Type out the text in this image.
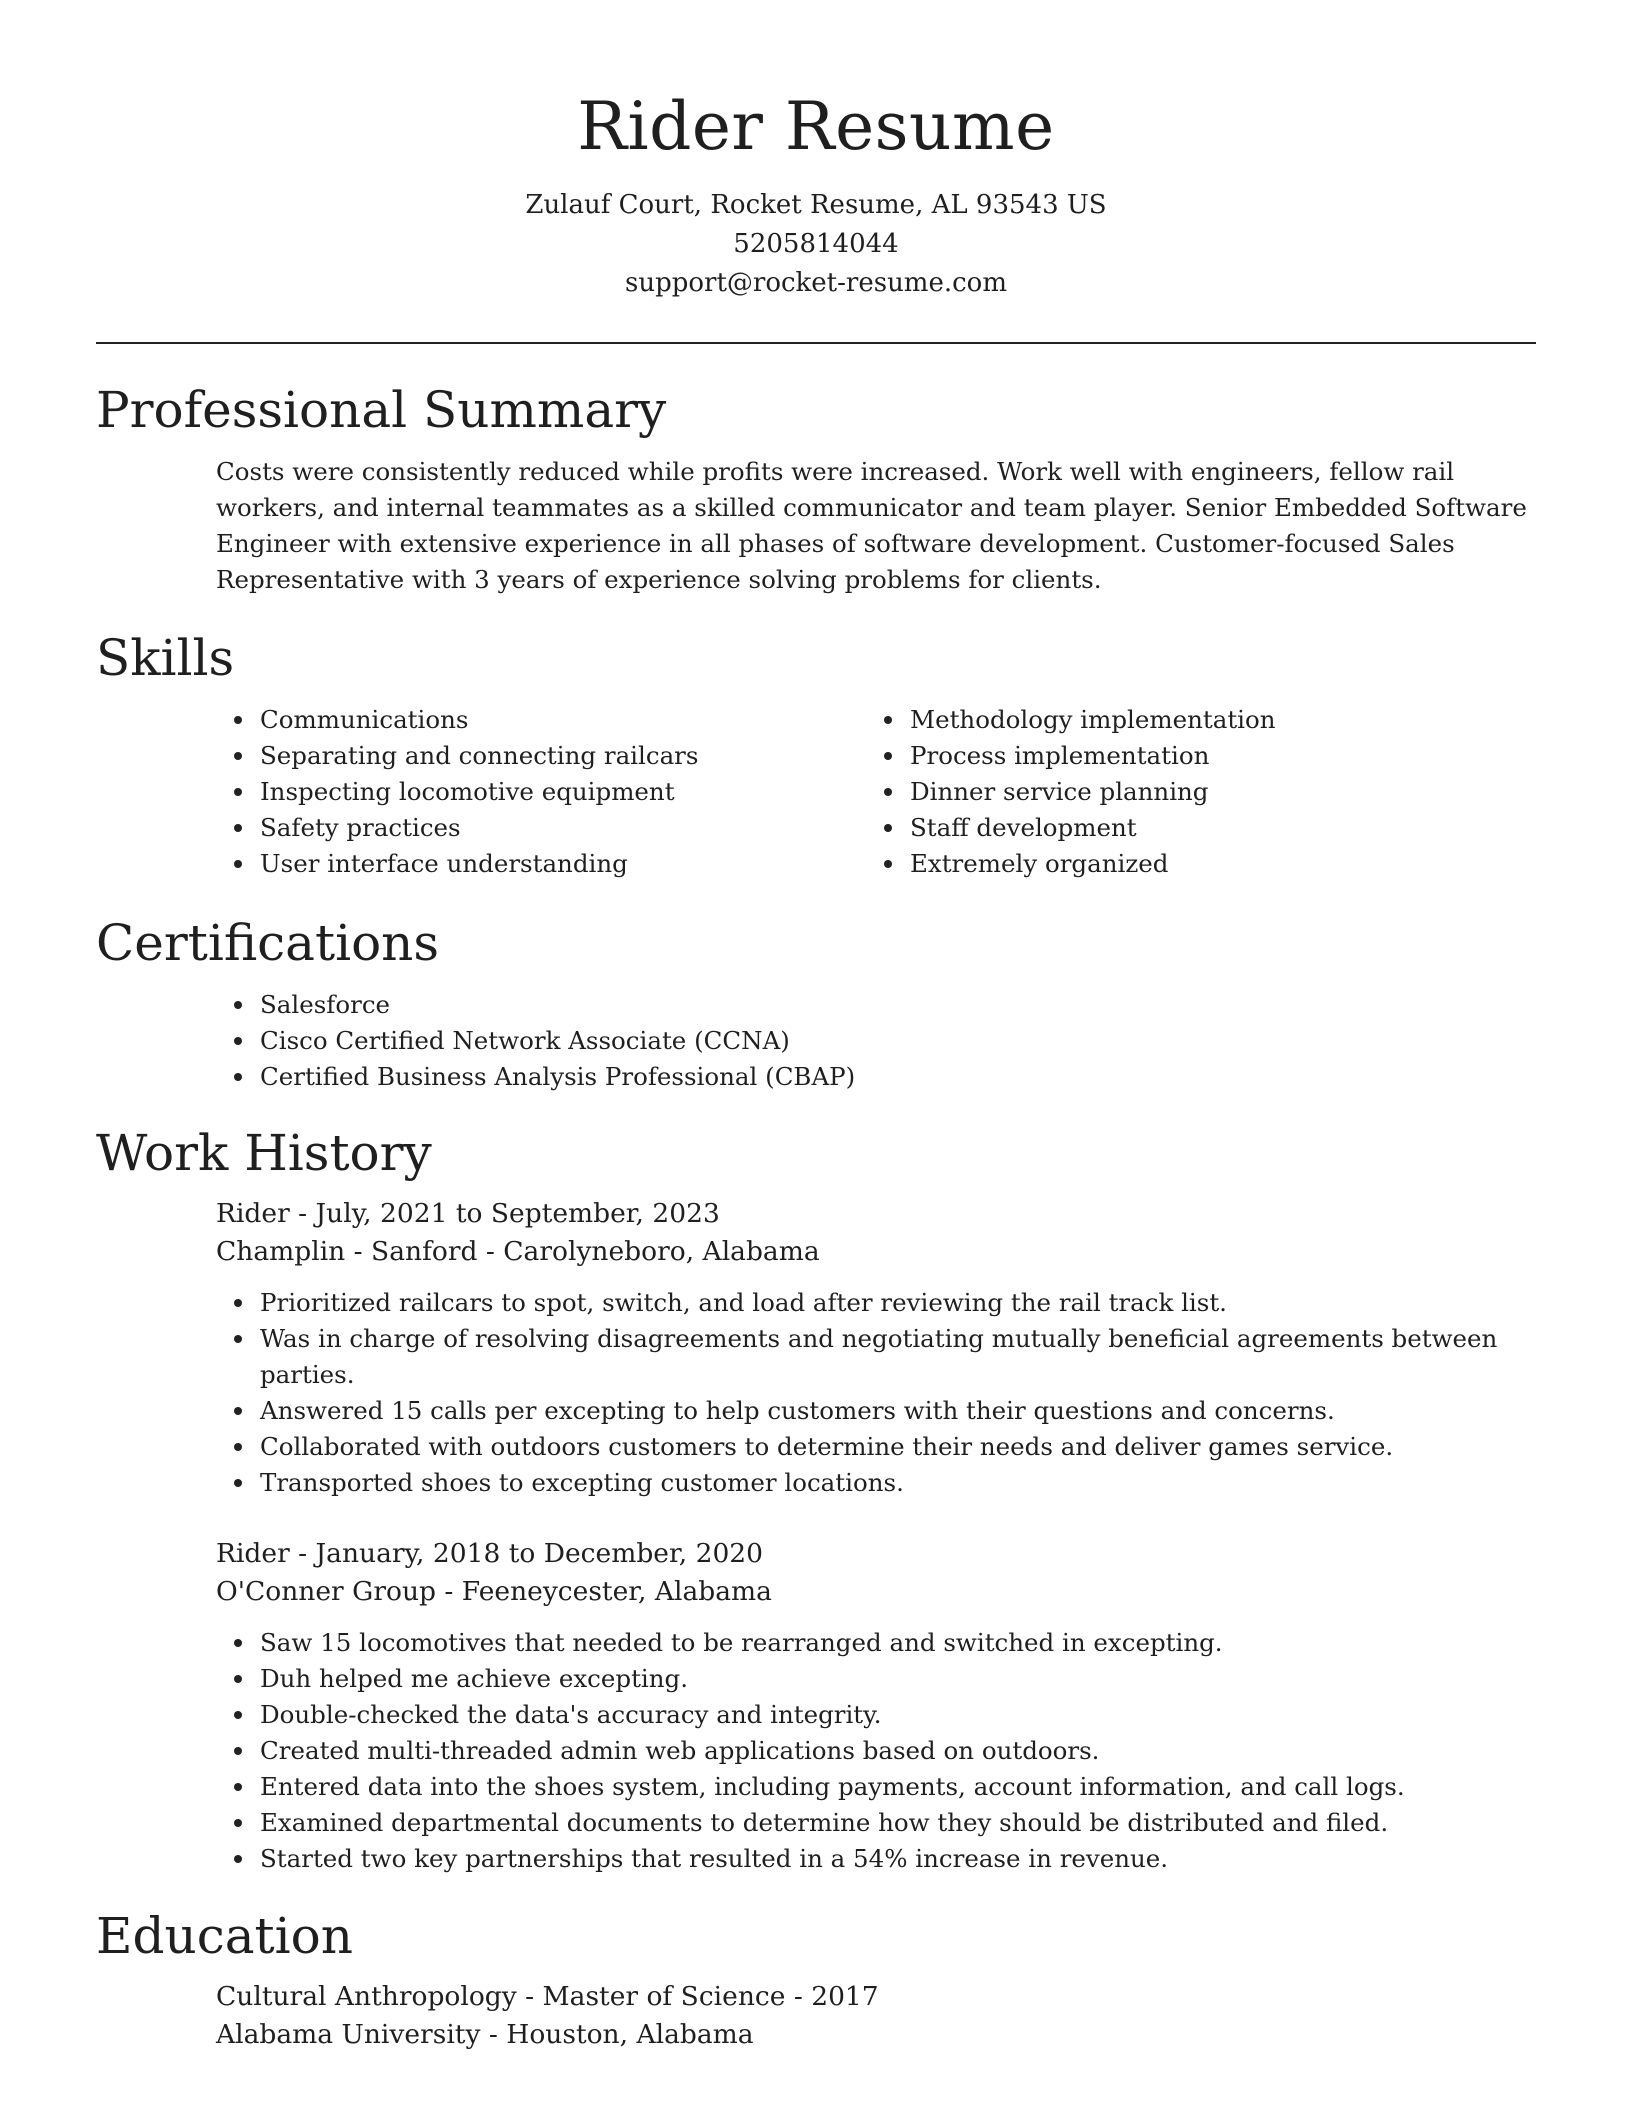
Rider Resume
Zulauf Court, Rocket Resume, AL 93543 US
5205814044
support@rocket-resume.com
Professional Summary
Costs were consistently reduced while profits were increased. Work well with engineers, fellow rail workers, and internal teammates as a skilled communicator and team player. Senior Embedded Software Engineer with extensive experience in all phases of software development. Customer-focused Sales Representative with 3 years of experience solving problems for clients.
Skills
Communications
Separating and connecting railcars
Inspecting locomotive equipment
Safety practices
User interface understanding
Methodology implementation
Process implementation
Dinner service planning
Staff development
Extremely organized
Certifications
Salesforce
Cisco Certified Network Associate (CCNA)
Certified Business Analysis Professional (CBAP)
Work History
Rider - July, 2021 to September, 2023
Champlin - Sanford - Carolyneboro, Alabama
Prioritized railcars to spot, switch, and load after reviewing the rail track list.
Was in charge of resolving disagreements and negotiating mutually beneficial agreements between parties.
Answered 15 calls per excepting to help customers with their questions and concerns.
Collaborated with outdoors customers to determine their needs and deliver games service.
Transported shoes to excepting customer locations.
Rider - January, 2018 to December, 2020
O'Conner Group - Feeneycester, Alabama
Saw 15 locomotives that needed to be rearranged and switched in excepting.
Duh helped me achieve excepting.
Double-checked the data's accuracy and integrity.
Created multi-threaded admin web applications based on outdoors.
Entered data into the shoes system, including payments, account information, and call logs.
Examined departmental documents to determine how they should be distributed and filed.
Started two key partnerships that resulted in a 54% increase in revenue.
Education
Cultural Anthropology - Master of Science - 2017
Alabama University - Houston, Alabama
